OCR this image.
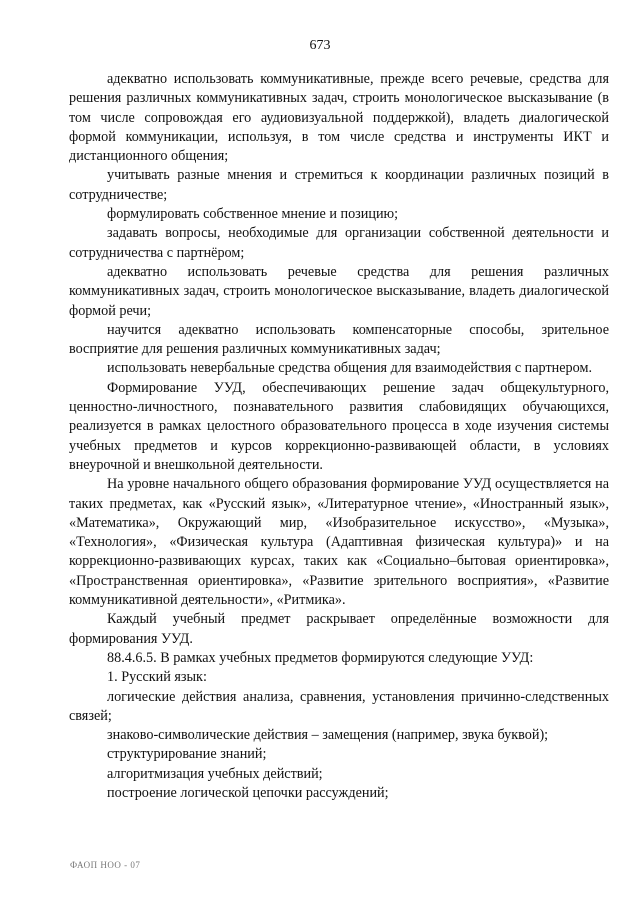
673

адекватно использовать коммуникативные, прежде всего речевые, средства для решения различных коммуникативных задач, строить монологическое высказывание (в том числе сопровождая его аудиовизуальной поддержкой), владеть диалогической формой коммуникации, используя, в том числе средства и инструменты ИКТ и дистанционного общения;

учитывать разные мнения и стремиться к координации различных позиций в сотрудничестве;

формулировать собственное мнение и позицию;

задавать вопросы, необходимые для организации собственной деятельности и сотрудничества с партнёром;

адекватно использовать речевые средства для решения различных коммуникативных задач, строить монологическое высказывание, владеть диалогической формой речи;

научится адекватно использовать компенсаторные способы, зрительное восприятие для решения различных коммуникативных задач;

использовать невербальные средства общения для взаимодействия с партнером.

Формирование УУД, обеспечивающих решение задач общекультурного, ценностно-личностного, познавательного развития слабовидящих обучающихся, реализуется в рамках целостного образовательного процесса в ходе изучения системы учебных предметов и курсов коррекционно-развивающей области, в условиях внеурочной и внешкольной деятельности.

На уровне начального общего образования формирование УУД осуществляется на таких предметах, как «Русский язык», «Литературное чтение», «Иностранный язык», «Математика», Окружающий мир, «Изобразительное искусство», «Музыка», «Технология», «Физическая культура (Адаптивная физическая культура)» и на коррекционно-развивающих курсах, таких как «Социально–бытовая ориентировка», «Пространственная ориентировка», «Развитие зрительного восприятия», «Развитие коммуникативной деятельности», «Ритмика».

Каждый учебный предмет раскрывает определённые возможности для формирования УУД.

88.4.6.5. В рамках учебных предметов формируются следующие УУД:

1. Русский язык:

логические действия анализа, сравнения, установления причинно-следственных связей;

знаково-символические действия – замещения (например, звука буквой);

структурирование знаний;

алгоритмизация учебных действий;

построение логической цепочки рассуждений;

ФАОП НОО - 07
